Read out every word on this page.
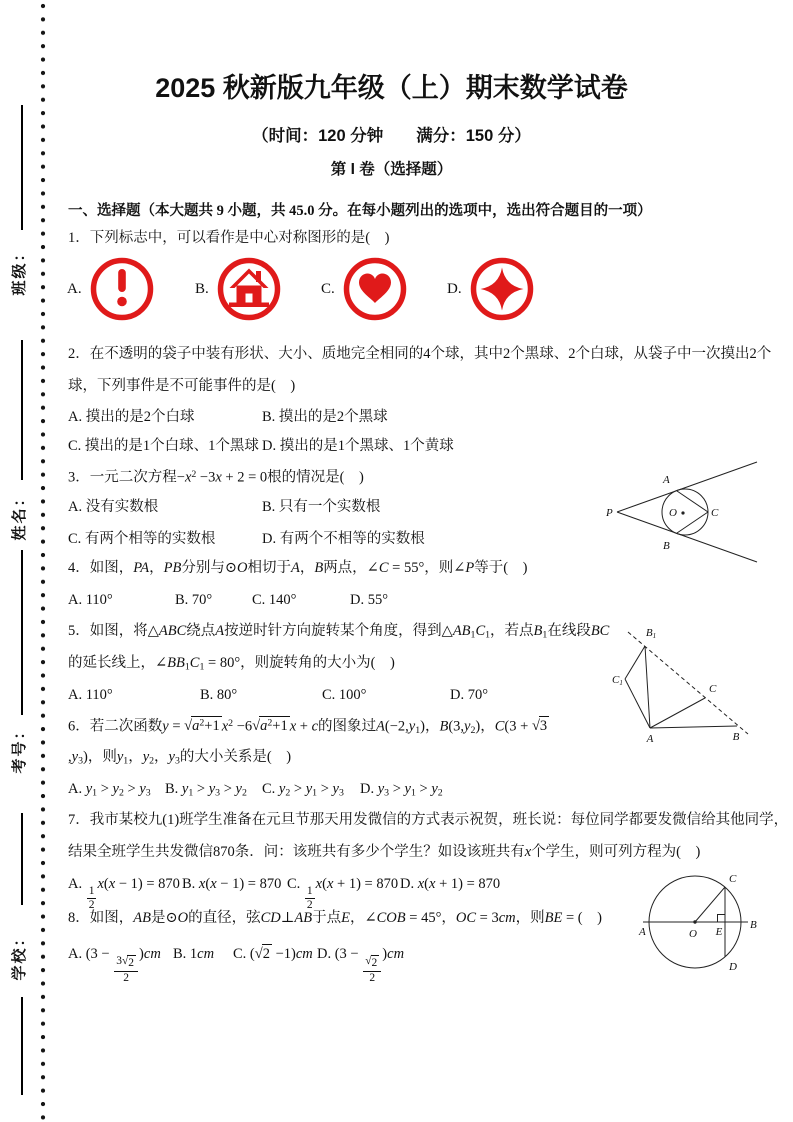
班级：
姓名：
考号：
学校：
2025 秋新版九年级（上）期末数学试卷
（时间：120 分钟　　满分：150 分）
第 I 卷（选择题）
一、选择题（本大题共 9 小题，共 45.0 分。在每小题列出的选项中，选出符合题目的一项）
1．下列标志中，可以看作是中心对称图形的是(　)
A.	B.	C.	D.
2．在不透明的袋子中装有形状、大小、质地完全相同的4个球，其中2个黑球、2个白球，从袋子中一次摸出2个
球，下列事件是不可能事件的是(　)
A. 摸出的是2个白球	B. 摸出的是2个黑球
C. 摸出的是1个白球、1个黑球 D. 摸出的是1个黑球、1个黄球
3．一元二次方程$-x^2 -3x + 2 = 0$根的情况是(　)
A. 没有实数根	B. 只有一个实数根
C. 有两个相等的实数根	D. 有两个不相等的实数根
4．如图，PA，PB分别与⊙O相切于A，B两点，∠C = 55°，则∠P等于(　)
A. 110°	B. 70°	C. 140°	D. 55°
P
A
B
O	C
5．如图，将△ABC绕点A按逆时针方向旋转某个角度，得到$\triangle AB_1C_1$，若点$B_1$在线段BC
的延长线上，$\angle BB_1C_1 = 80^\circ$，则旋转角的大小为(　)
A. 110°	B. 80°	C. 100°	D. 70°
B1
C1	C
A	B
6．若二次函数y = √ $a^2+1$ $x^2 -6$ √ $a^2+1$ x + c的图象过$A(-2,y_1)$，$B(3,y_2)$，C(3 + √ 3
$,y_3$)，则$y_1$，$y_2$，$y_3$的大小关系是(　)
A. $y_1 > y_2 > y_3$ B. $y_1 > y_3 > y_2$ C. $y_2 > y_1 > y_3$ D. $y_3 > y_1 > y_2$
7．我市某校九(1)班学生准备在元旦节那天用发微信的方式表示祝贺，班长说：每位同学都要发微信给其他同学，
结果全班学生共发微信870条．问：该班共有多少个学生？如设该班共有x个学生，则可列方程为(　)
A.
$\frac{1}{2}$
x(x − 1) = 870 B. x(x − 1) = 870 C.
$\frac{1}{2}$
x(x + 1) = 870 D. x(x + 1) = 870
8．如图，AB是⊙O的直径，弦CD⊥AB于点E，∠COB = 45°，OC = 3cm，则BE = (　)
A. (3 −
$\frac{3 √ 2}{2}$
)cm B. 1cm C. ( √ 2 −1)cm D. (3 −
$\frac{√ 2}{2}$
)cm
A	O E
B
C
D
